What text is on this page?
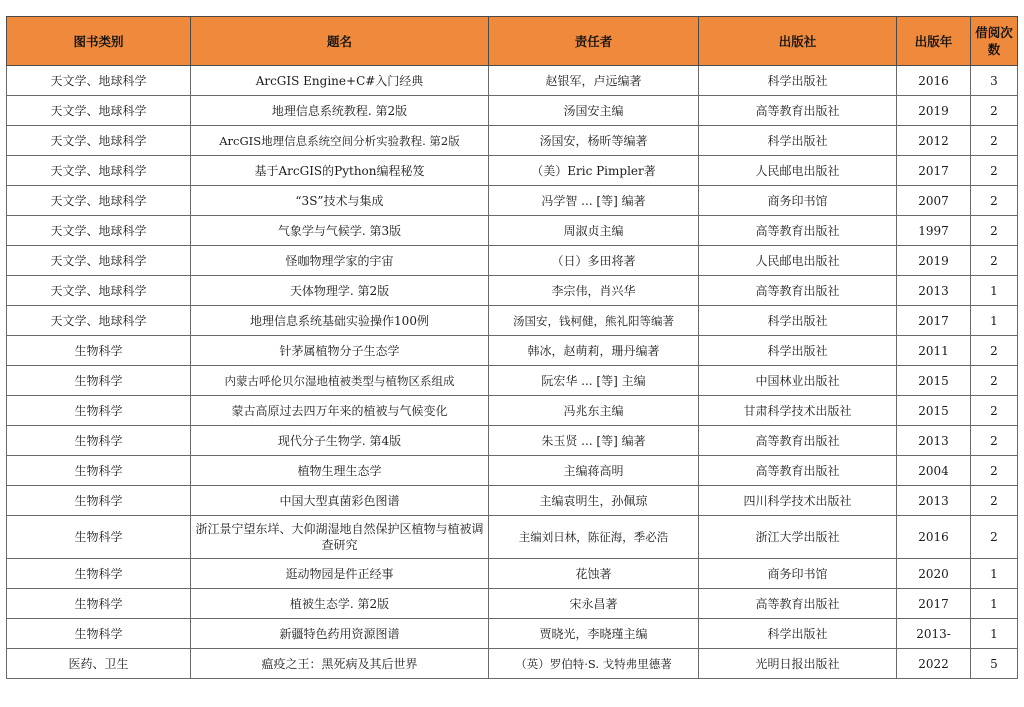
图书类别	题名	责任者	出版社	出版年	借阅次数
天文学、地球科学	ArcGIS Engine+C#入门经典	赵银军，卢远编著	科学出版社	2016	3
天文学、地球科学	地理信息系统教程. 第2版	汤国安主编	高等教育出版社	2019	2
天文学、地球科学	ArcGIS地理信息系统空间分析实验教程. 第2版	汤国安，杨昕等编著	科学出版社	2012	2
天文学、地球科学	基于ArcGIS的Python编程秘笈	（美）Eric Pimpler著	人民邮电出版社	2017	2
天文学、地球科学	“3S”技术与集成	冯学智 ... [等] 编著	商务印书馆	2007	2
天文学、地球科学	气象学与气候学. 第3版	周淑贞主编	高等教育出版社	1997	2
天文学、地球科学	怪咖物理学家的宇宙	（日）多田将著	人民邮电出版社	2019	2
天文学、地球科学	天体物理学. 第2版	李宗伟，肖兴华	高等教育出版社	2013	1
天文学、地球科学	地理信息系统基础实验操作100例	汤国安，钱柯健，熊礼阳等编著	科学出版社	2017	1
生物科学	针茅属植物分子生态学	韩冰，赵萌莉，珊丹编著	科学出版社	2011	2
生物科学	内蒙古呼伦贝尔湿地植被类型与植物区系组成	阮宏华 ... [等] 主编	中国林业出版社	2015	2
生物科学	蒙古高原过去四万年来的植被与气候变化	冯兆东主编	甘肃科学技术出版社	2015	2
生物科学	现代分子生物学. 第4版	朱玉贤 ... [等] 编著	高等教育出版社	2013	2
生物科学	植物生理生态学	主编蒋高明	高等教育出版社	2004	2
生物科学	中国大型真菌彩色图谱	主编袁明生，孙佩琼	四川科学技术出版社	2013	2
生物科学	浙江景宁望东垟、大仰湖湿地自然保护区植物与植被调查研究	主编刘日林，陈征海，季必浩	浙江大学出版社	2016	2
生物科学	逛动物园是件正经事	花蚀著	商务印书馆	2020	1
生物科学	植被生态学. 第2版	宋永昌著	高等教育出版社	2017	1
生物科学	新疆特色药用资源图谱	贾晓光，李晓瑾主编	科学出版社	2013-	1
医药、卫生	瘟疫之王：黑死病及其后世界	（英）罗伯特·S. 戈特弗里德著	光明日报出版社	2022	5
